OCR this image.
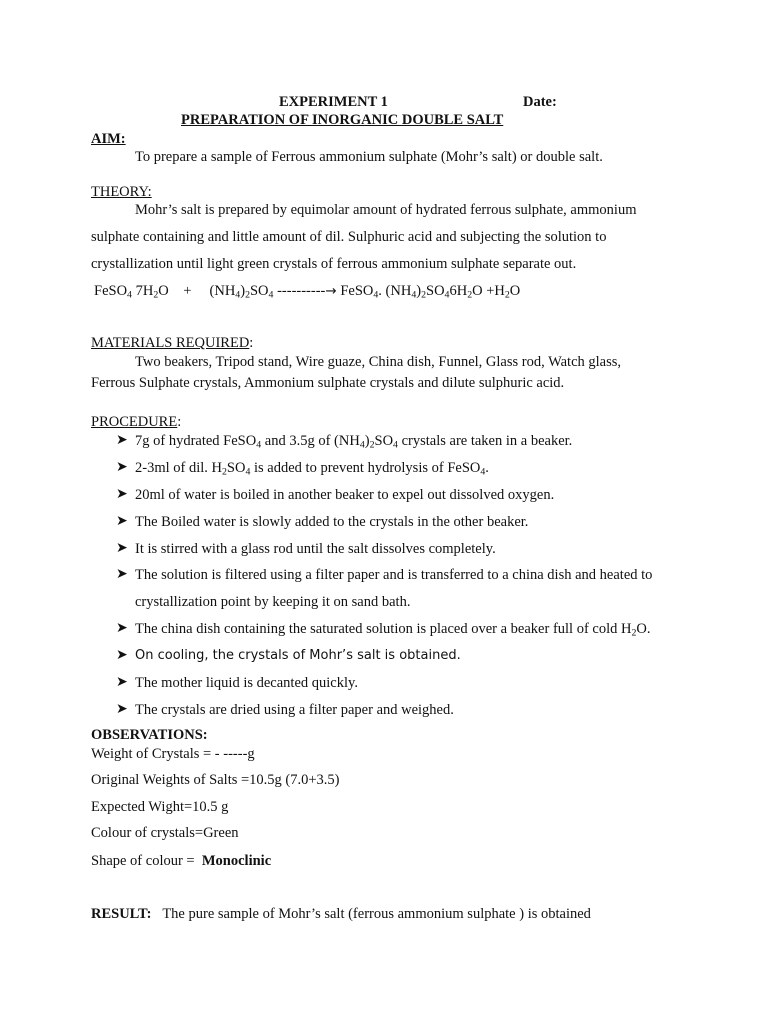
EXPERIMENT 1	Date:
PREPARATION OF INORGANIC DOUBLE SALT
AIM:
To prepare a sample of Ferrous ammonium sulphate (Mohr’s salt) or double salt.
THEORY:
Mohr’s salt is prepared by equimolar amount of hydrated ferrous sulphate, ammonium
sulphate containing and little amount of dil. Sulphuric acid and subjecting the solution to
crystallization until light green crystals of ferrous ammonium sulphate separate out.
FeSO$_4$ $7H_2O$    +     $(NH_4)_2SO_4$ ----------→ FeSO$_4$. $(NH_4)_2SO_46H_2O +H_2O$
MATERIALS REQUIRED:
Two beakers, Tripod stand, Wire guaze, China dish, Funnel, Glass rod, Watch glass,
Ferrous Sulphate crystals, Ammonium sulphate crystals and dilute sulphuric acid.
PROCEDURE:
➤ 7g of hydrated FeSO$_4$ and 3.5g of $(NH_4)_2SO_4$ crystals are taken in a beaker.
➤ 2-3ml of dil. $H_2SO_4$ is added to prevent hydrolysis of FeSO$_4$.
➤ 20ml of water is boiled in another beaker to expel out dissolved oxygen.
➤ The Boiled water is slowly added to the crystals in the other beaker.
➤ It is stirred with a glass rod until the salt dissolves completely.
➤ The solution is filtered using a filter paper and is transferred to a china dish and heated to
crystallization point by keeping it on sand bath.
➤ The china dish containing the saturated solution is placed over a beaker full of cold $H_2O$.
➤ On cooling, the crystals of Mohr’s salt is obtained.
➤ The mother liquid is decanted quickly.
➤ The crystals are dried using a filter paper and weighed.
OBSERVATIONS:
Weight of Crystals = - -----g
Original Weights of Salts =10.5g (7.0+3.5)
Expected Wight=10.5 g
Colour of crystals=Green
Shape of colour = Monoclinic
RESULT: The pure sample of Mohr’s salt (ferrous ammonium sulphate ) is obtained
